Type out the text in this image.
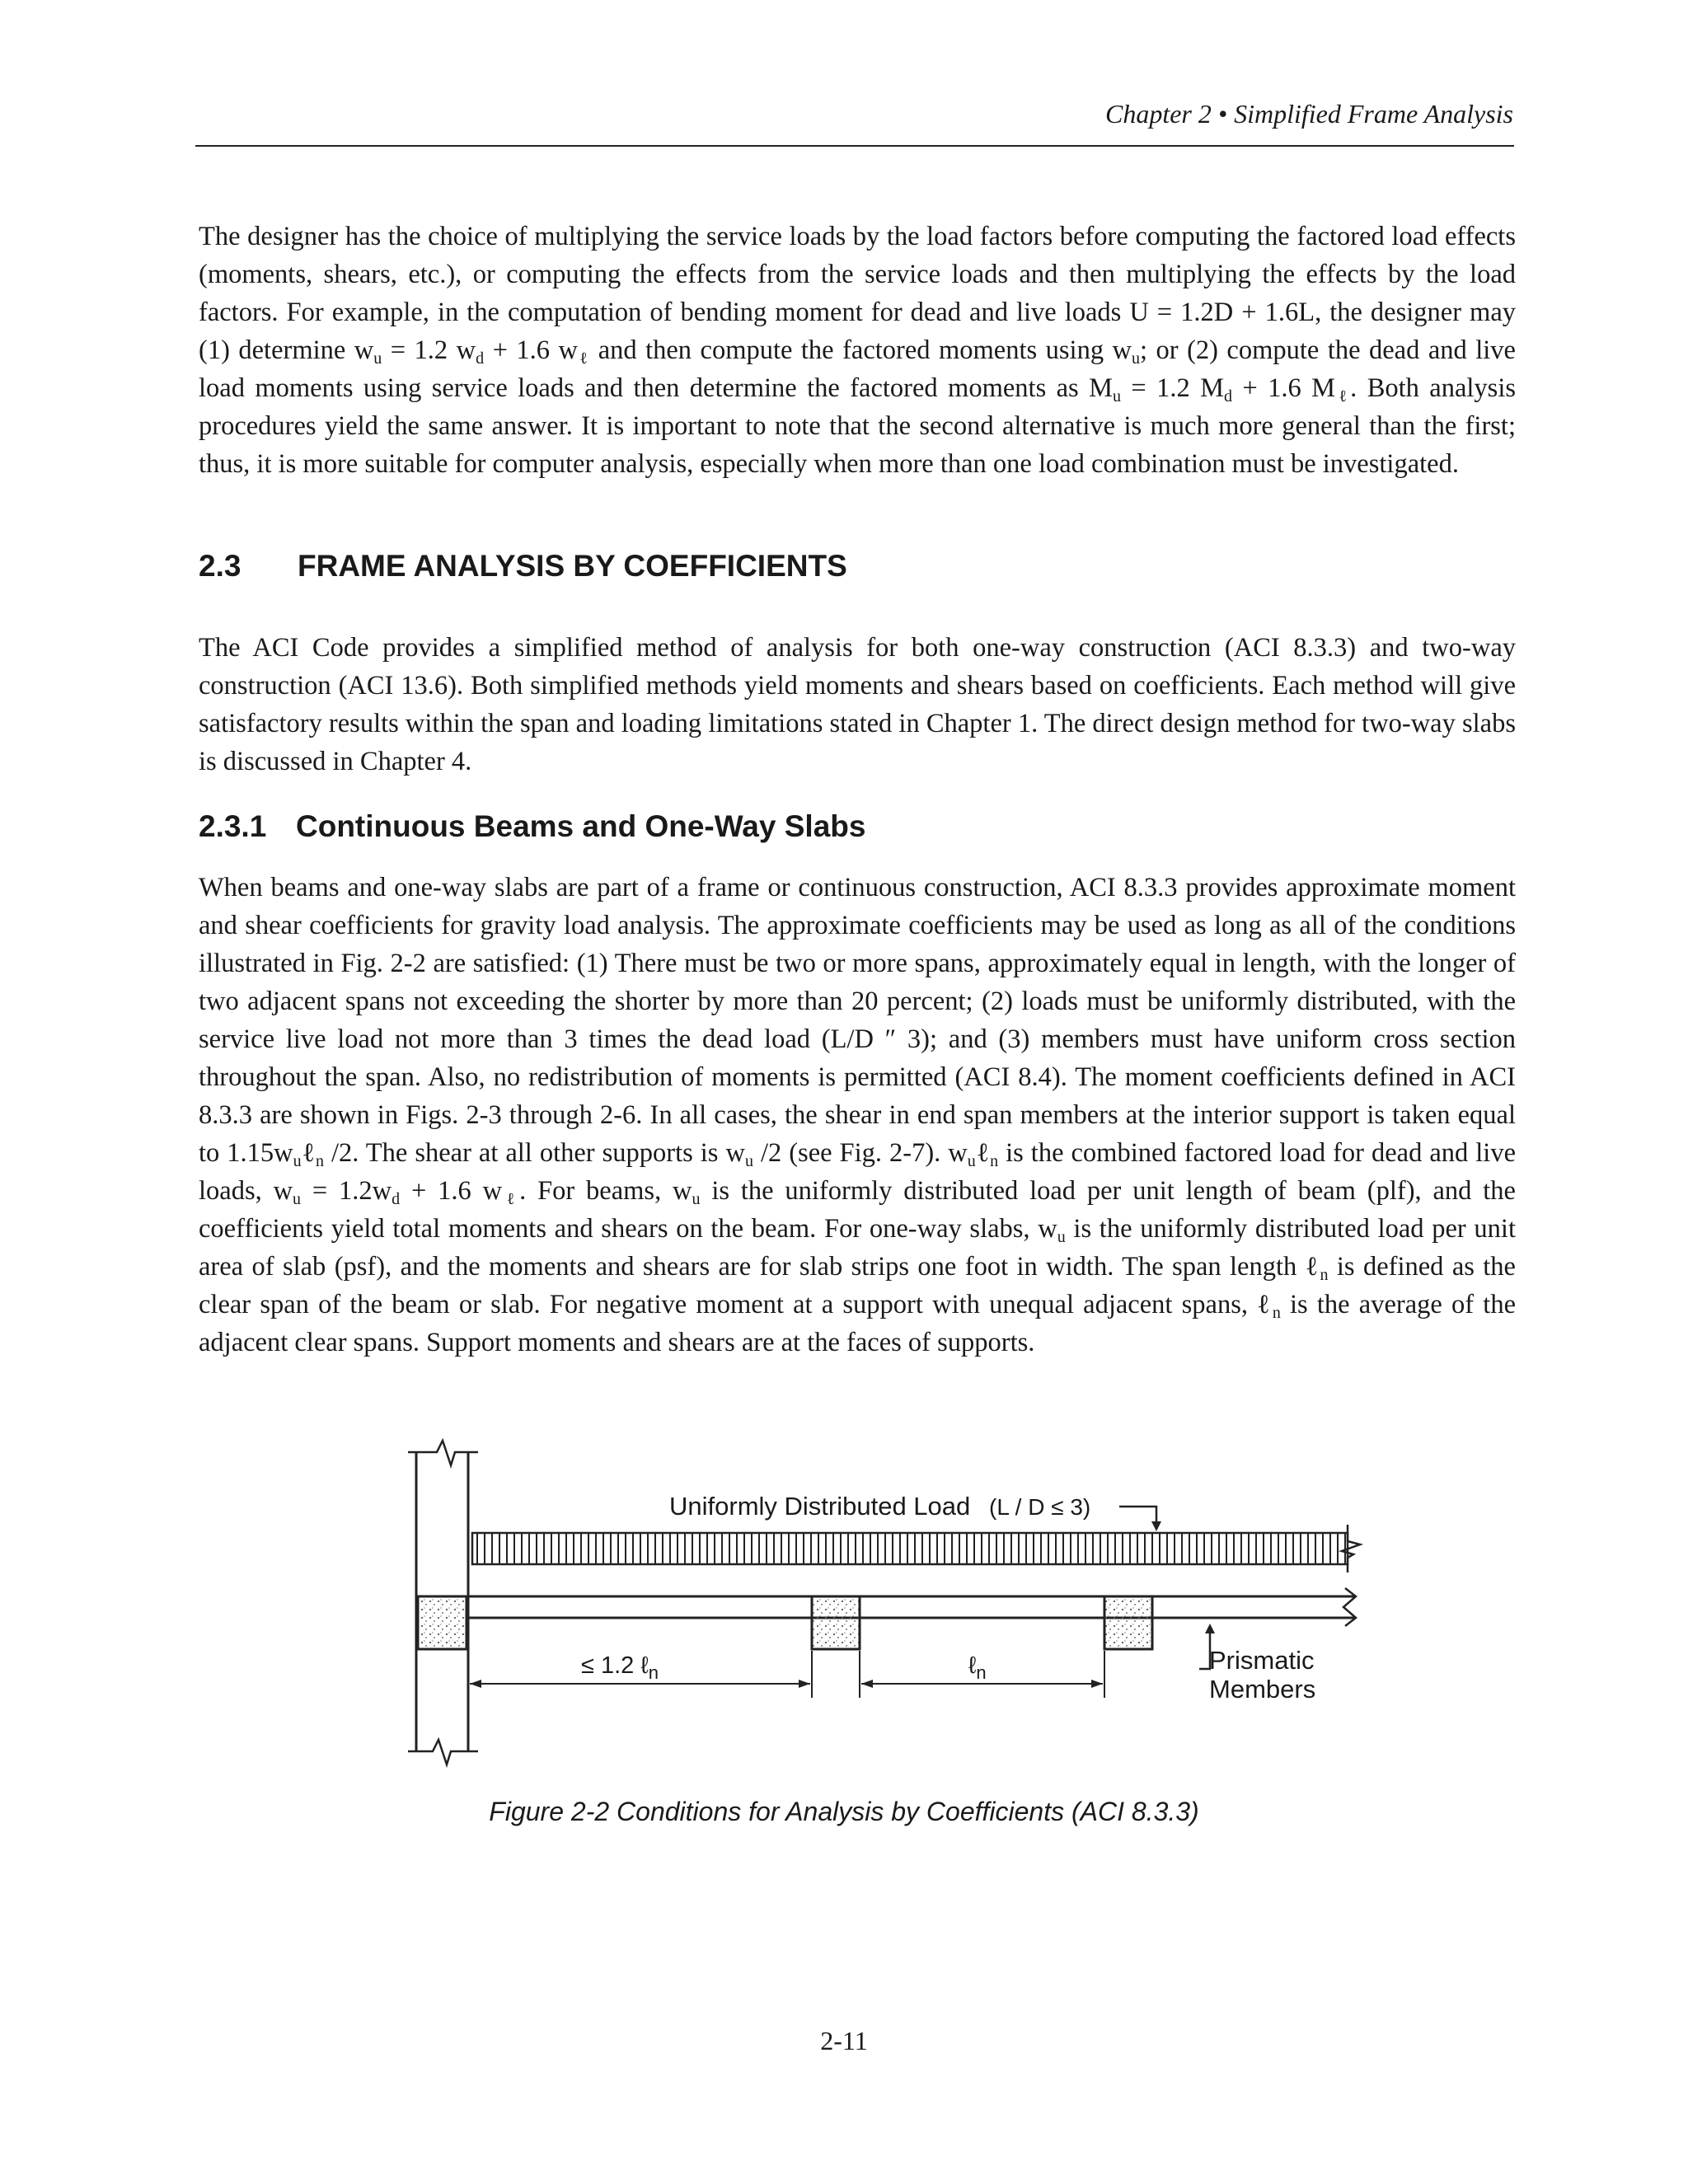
Chapter 2 • Simplified Frame Analysis

The designer has the choice of multiplying the service loads by the load factors before computing the factored load effects (moments, shears, etc.), or computing the effects from the service loads and then multiplying the effects by the load factors. For example, in the computation of bending moment for dead and live loads U = 1.2D + 1.6L, the designer may (1) determine $w_u = 1.2$ $w_d + 1.6$ $w_\ell$ and then compute the factored moments using $w_u$; or (2) compute the dead and live load moments using service loads and then determine the factored moments as $M_u = 1.2$ $M_d + 1.6$ $M_\ell$. Both analysis procedures yield the same answer. It is important to note that the second alternative is much more general than the first; thus, it is more suitable for computer analysis, especially when more than one load combination must be investigated.

2.3 FRAME ANALYSIS BY COEFFICIENTS

The ACI Code provides a simplified method of analysis for both one-way construction (ACI 8.3.3) and two-way construction (ACI 13.6). Both simplified methods yield moments and shears based on coefficients. Each method will give satisfactory results within the span and loading limitations stated in Chapter 1. The direct design method for two-way slabs is discussed in Chapter 4.

2.3.1 Continuous Beams and One-Way Slabs

When beams and one-way slabs are part of a frame or continuous construction, ACI 8.3.3 provides approximate moment and shear coefficients for gravity load analysis. The approximate coefficients may be used as long as all of the conditions illustrated in Fig. 2-2 are satisfied: (1) There must be two or more spans, approximately equal in length, with the longer of two adjacent spans not exceeding the shorter by more than 20 percent; (2) loads must be uniformly distributed, with the service live load not more than 3 times the dead load (L/D ″ 3); and (3) members must have uniform cross section throughout the span. Also, no redistribution of moments is permitted (ACI 8.4). The moment coefficients defined in ACI 8.3.3 are shown in Figs. 2-3 through 2-6. In all cases, the shear in end span members at the interior support is taken equal to $1.15w_u\ell_n$ /2. The shear at all other supports is $w_u$ /2 (see Fig. 2-7). $w_u\ell_n$ is the combined factored load for dead and live loads, $w_u = 1.2w_d + 1.6$ $w_\ell$. For beams, $w_u$ is the uniformly distributed load per unit length of beam (plf), and the coefficients yield total moments and shears on the beam. For one-way slabs, $w_u$ is the uniformly distributed load per unit area of slab (psf), and the moments and shears are for slab strips one foot in width. The span length ℓ$_n$ is defined as the clear span of the beam or slab. For negative moment at a support with unequal adjacent spans, ℓ$_n$ is the average of the adjacent clear spans. Support moments and shears are at the faces of supports.

Uniformly Distributed Load (L / D ≤ 3)
≤ 1.2 ℓ$_n$	ℓ$_n$	Prismatic
Members
Figure 2-2 Conditions for Analysis by Coefficients (ACI 8.3.3)
2-11
